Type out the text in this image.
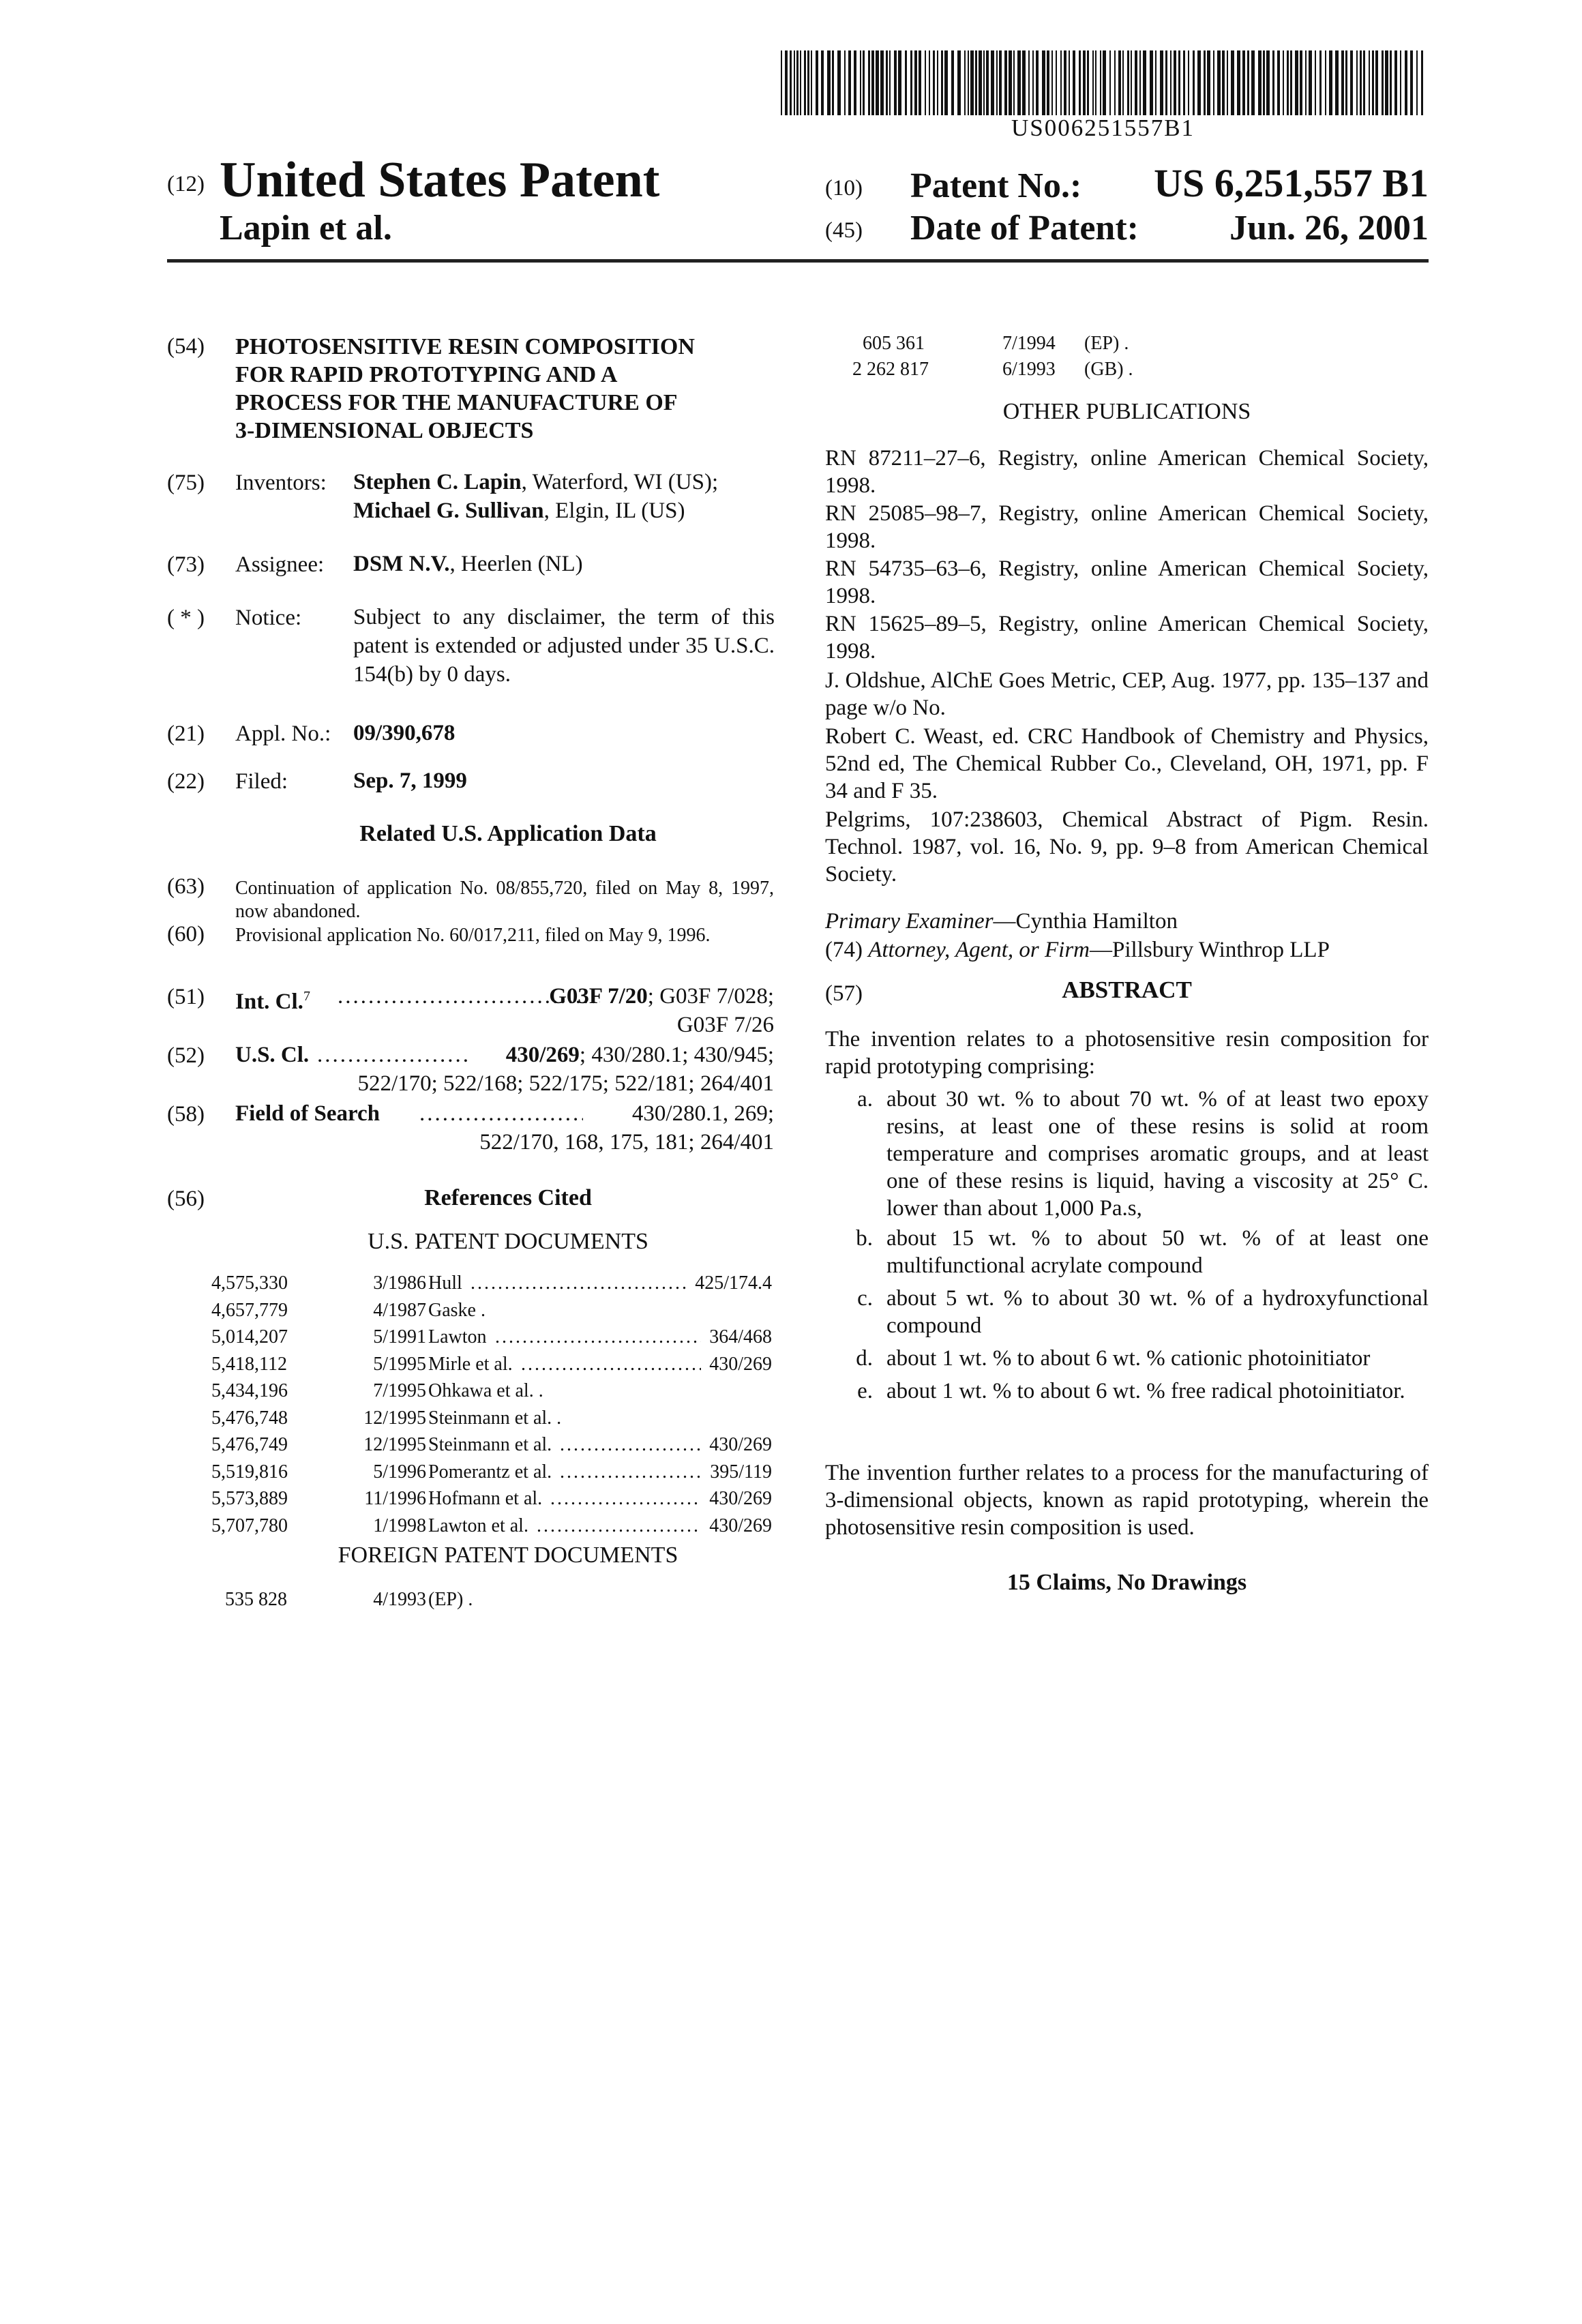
US006251557B1
(12) United States Patent
Lapin et al.
(10) Patent No.: US 6,251,557 B1
(45) Date of Patent:	Jun. 26, 2001
(54) PHOTOSENSITIVE RESIN COMPOSITION
FOR RAPID PROTOTYPING AND A
PROCESS FOR THE MANUFACTURE OF
3-DIMENSIONAL OBJECTS
(75) Inventors: Stephen C. Lapin, Waterford, WI (US);
Michael G. Sullivan, Elgin, IL (US)
(73) Assignee: DSM N.V., Heerlen (NL)
( * ) Notice: Subject to any disclaimer, the term of this patent is extended or adjusted under 35 U.S.C. 154(b) by 0 days.
(21) Appl. No.: 09/390,678
(22) Filed:	Sep. 7, 1999
Related U.S. Application Data
(63) Continuation of application No. 08/855,720, filed on May 8, 1997, now abandoned.
(60) Provisional application No. 60/017,211, filed on May 9, 1996.
(51) Int. Cl.7 ..................................
G03F 7/20; G03F 7/028;
G03F 7/26
(52) U.S. Cl. .................... 430/269; 430/280.1; 430/945;
522/170; 522/168; 522/175; 522/181; 264/401
(58) Field of Search ..................... 430/280.1, 269;
522/170, 168, 175, 181; 264/401
(56)	References Cited
U.S. PATENT DOCUMENTS
4,575,330	3/1986 Hull ............................... 425/174.4
4,657,779	4/1987 Gaske .
5,014,207	5/1991 Lawton .............................. 364/468
5,418,112	5/1995 Mirle et al. .......................... 430/269
5,434,196	7/1995 Ohkawa et al. .
5,476,748	12/1995 Steinmann et al. .
5,476,749	12/1995 Steinmann et al. .................... 430/269
5,519,816	5/1996 Pomerantz et al. .................... 395/119
5,573,889	11/1996 Hofmann et al. ...................... 430/269
5,707,780	1/1998 Lawton et al. ........................ 430/269
FOREIGN PATENT DOCUMENTS
535 828	4/1993 (EP) .
605 361	7/1994 (EP) .
2 262 817	6/1993 (GB) .
OTHER PUBLICATIONS
RN 87211–27–6, Registry, online American Chemical Society, 1998.
RN 25085–98–7, Registry, online American Chemical Society, 1998.
RN 54735–63–6, Registry, online American Chemical Society, 1998.
RN 15625–89–5, Registry, online American Chemical Society, 1998.
J. Oldshue, AlChE Goes Metric, CEP, Aug. 1977, pp. 135–137 and page w/o No.
Robert C. Weast, ed. CRC Handbook of Chemistry and Physics, 52nd ed, The Chemical Rubber Co., Cleveland, OH, 1971, pp. F 34 and F 35.
Pelgrims, 107:238603, Chemical Abstract of Pigm. Resin. Technol. 1987, vol. 16, No. 9, pp. 9–8 from American Chemical Society.
Primary Examiner—Cynthia Hamilton
(74) Attorney, Agent, or Firm—Pillsbury Winthrop LLP
(57)	ABSTRACT
The invention relates to a photosensitive resin composition for rapid prototyping comprising:
a. about 30 wt. % to about 70 wt. % of at least two epoxy resins, at least one of these resins is solid at room temperature and comprises aromatic groups, and at least one of these resins is liquid, having a viscosity at 25° C. lower than about 1,000 Pa.s,
b. about 15 wt. % to about 50 wt. % of at least one multifunctional acrylate compound
c. about 5 wt. % to about 30 wt. % of a hydroxyfunctional compound
d. about 1 wt. % to about 6 wt. % cationic photoinitiator
e. about 1 wt. % to about 6 wt. % free radical photoinitiator.
The invention further relates to a process for the manufacturing of 3-dimensional objects, known as rapid prototyping, wherein the photosensitive resin composition is used.
15 Claims, No Drawings
